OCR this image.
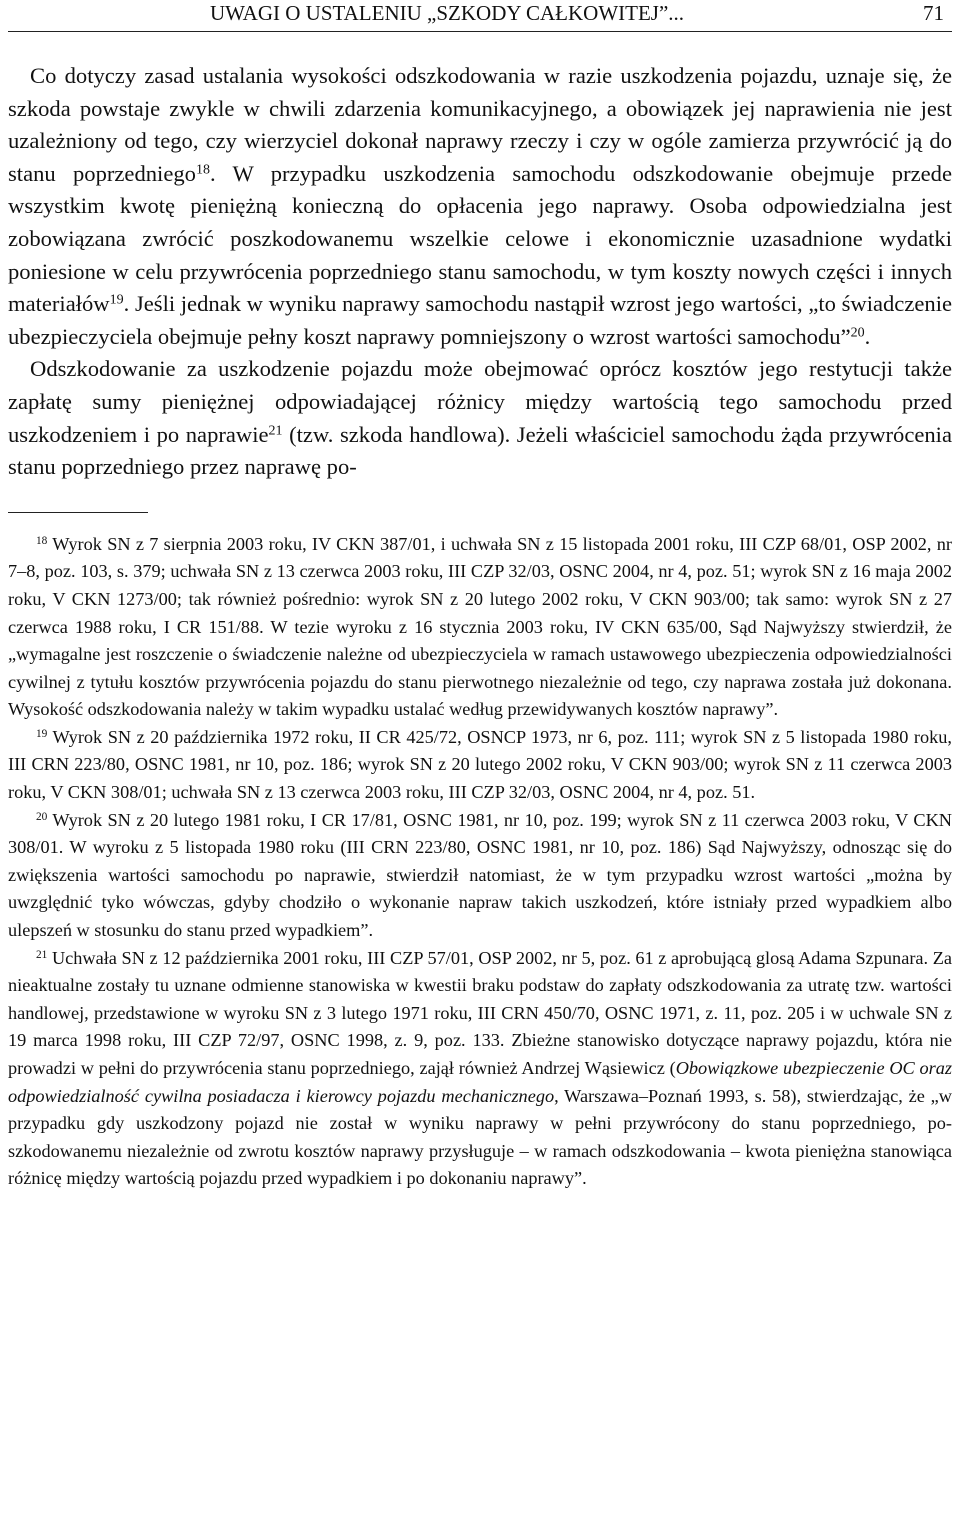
UWAGI O USTALENIU „SZKODY CAŁKOWITEJ”...	71

Co dotyczy zasad ustalania wysokości odszkodowania w razie uszkodzenia pojazdu, uznaje się, że szkoda powstaje zwykle w chwili zdarzenia komunikacyjnego, a obowiązek jej naprawienia nie jest uzależniony od tego, czy wierzyciel dokonał naprawy rzeczy i czy w ogóle zamierza przywrócić ją do stanu poprzedniego$^{18}$. W przypadku uszkodzenia samochodu odszkodowanie obejmuje przede wszystkim kwotę pieniężną konieczną do opłacenia jego naprawy. Osoba odpowiedzialna jest zobowiązana zwrócić poszkodowanemu wszelkie celowe i ekonomicznie uzasadnione wydatki poniesione w celu przywrócenia poprzedniego stanu samochodu, w tym koszty nowych części i innych materiałów$^{19}$. Jeśli jednak w wyniku naprawy samochodu nastąpił wzrost jego wartości, „to świadczenie ubezpieczyciela obejmuje pełny koszt naprawy pomniejszony o wzrost wartości samochodu”$^{20}$.

Odszkodowanie za uszkodzenie pojazdu może obejmować oprócz kosztów jego restytucji także zapłatę sumy pieniężnej odpowiadającej różnicy między wartością tego samochodu przed uszkodzeniem i po naprawie$^{21}$ (tzw. szkoda handlowa). Jeżeli właściciel samochodu żąda przywrócenia stanu poprzedniego przez naprawę po-

$^{18}$ Wyrok SN z 7 sierpnia 2003 roku, IV CKN 387/01, i uchwała SN z 15 listopada 2001 roku, III CZP 68/01, OSP 2002, nr 7–8, poz. 103, s. 379; uchwała SN z 13 czerwca 2003 roku, III CZP 32/03, OSNC 2004, nr 4, poz. 51; wyrok SN z 16 maja 2002 roku, V CKN 1273/00; tak również pośrednio: wyrok SN z 20 lutego 2002 roku, V CKN 903/00; tak samo: wyrok SN z 27 czerwca 1988 roku, I CR 151/88. W tezie wyroku z 16 stycznia 2003 roku, IV CKN 635/00, Sąd Najwyższy stwierdził, że „wymagalne jest roszczenie o świadczenie należne od ubezpieczyciela w ramach ustawowego ubezpieczenia odpowiedzialności cywilnej z tytułu kosztów przywrócenia pojazdu do stanu pierwotnego niezależnie od tego, czy naprawa została już dokonana. Wysokość odszkodowania należy w takim wypadku ustalać według przewidywanych kosztów naprawy”.

$^{19}$ Wyrok SN z 20 października 1972 roku, II CR 425/72, OSNCP 1973, nr 6, poz. 111; wyrok SN z 5 listopada 1980 roku, III CRN 223/80, OSNC 1981, nr 10, poz. 186; wyrok SN z 20 lutego 2002 roku, V CKN 903/00; wyrok SN z 11 czerwca 2003 roku, V CKN 308/01; uchwała SN z 13 czerwca 2003 roku, III CZP 32/03, OSNC 2004, nr 4, poz. 51.

$^{20}$ Wyrok SN z 20 lutego 1981 roku, I CR 17/81, OSNC 1981, nr 10, poz. 199; wyrok SN z 11 czerwca 2003 roku, V CKN 308/01. W wyroku z 5 listopada 1980 roku (III CRN 223/80, OSNC 1981, nr 10, poz. 186) Sąd Najwyższy, odnosząc się do zwiększenia wartości samochodu po naprawie, stwierdził natomiast, że w tym przypadku wzrost wartości „można by uwzględnić tyko wówczas, gdyby chodziło o wykonanie napraw takich uszkodzeń, które istniały przed wypadkiem albo ulepszeń w stosunku do stanu przed wypadkiem”.

$^{21}$ Uchwała SN z 12 października 2001 roku, III CZP 57/01, OSP 2002, nr 5, poz. 61 z aprobującą glosą Adama Szpunara. Za nieaktualne zostały tu uznane odmienne stanowiska w kwestii braku podstaw do zapłaty odszkodowania za utratę tzw. wartości handlowej, przedstawione w wyroku SN z 3 lutego 1971 roku, III CRN 450/70, OSNC 1971, z. 11, poz. 205 i w uchwale SN z 19 marca 1998 roku, III CZP 72/97, OSNC 1998, z. 9, poz. 133. Zbieżne stanowisko dotyczące naprawy pojazdu, która nie prowadzi w pełni do przywrócenia stanu poprzedniego, zajął również Andrzej Wąsiewicz (Obowiązkowe ubezpieczenie OC oraz odpowiedzialność cywilna posiadacza i kierowcy pojazdu mechanicznego, Warszawa–Poznań 1993, s. 58), stwierdzając, że „w przypadku gdy uszkodzony pojazd nie został w wyniku naprawy w pełni przywrócony do stanu poprzedniego, poszkodowanemu niezależnie od zwrotu kosztów naprawy przysługuje – w ramach odszkodowania – kwota pieniężna stanowiąca różnicę między wartością pojazdu przed wypadkiem i po dokonaniu naprawy”.
